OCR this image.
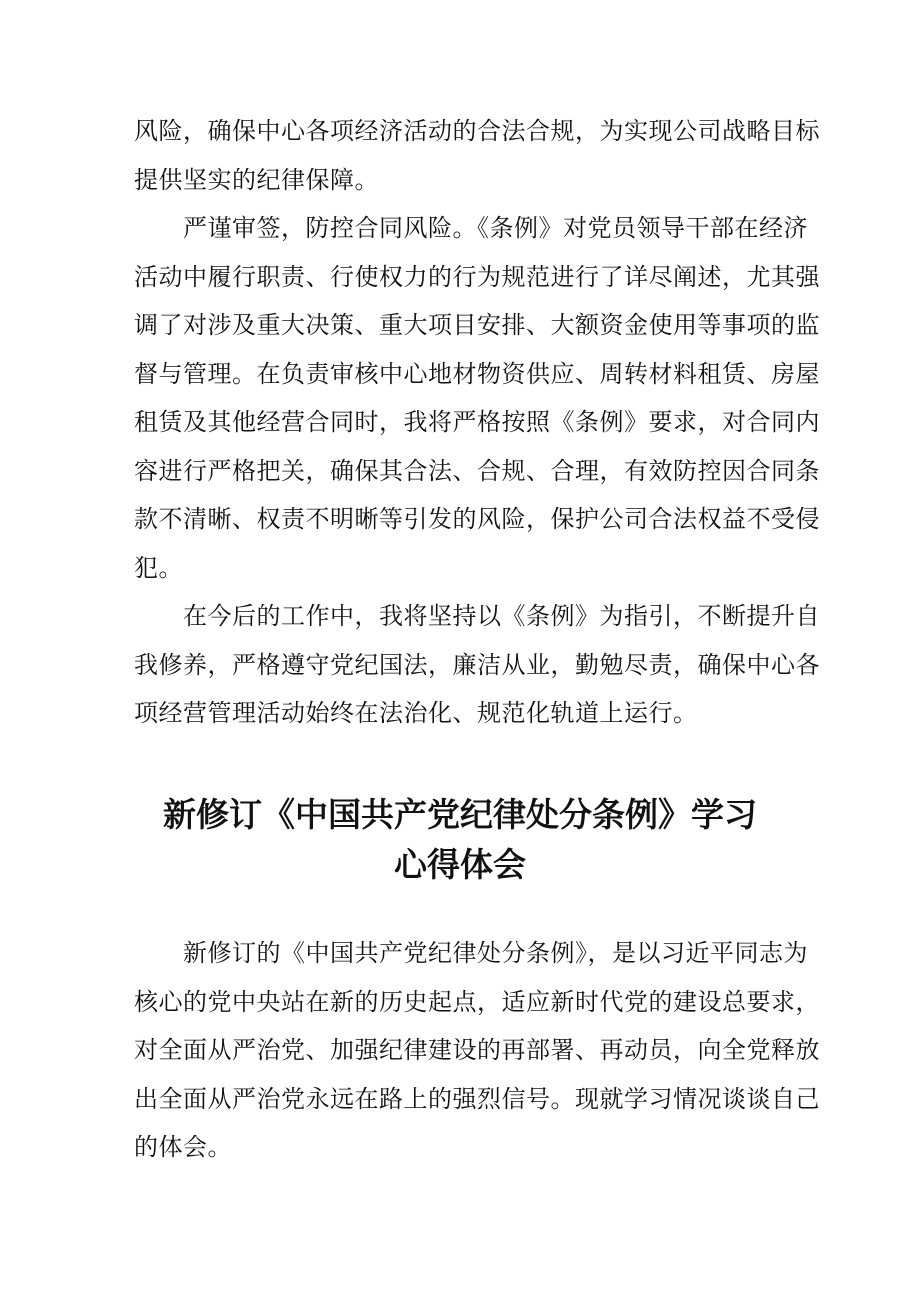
风险，确保中心各项经济活动的合法合规，为实现公司战略目标
提供坚实的纪律保障。

严谨审签，防控合同风险。《条例》对党员领导干部在经济
活动中履行职责、行使权力的行为规范进行了详尽阐述，尤其强
调了对涉及重大决策、重大项目安排、大额资金使用等事项的监
督与管理。在负责审核中心地材物资供应、周转材料租赁、房屋
租赁及其他经营合同时，我将严格按照《条例》要求，对合同内
容进行严格把关，确保其合法、合规、合理，有效防控因合同条
款不清晰、权责不明晰等引发的风险，保护公司合法权益不受侵
犯。

在今后的工作中，我将坚持以《条例》为指引，不断提升自
我修养，严格遵守党纪国法，廉洁从业，勤勉尽责，确保中心各
项经营管理活动始终在法治化、规范化轨道上运行。

新修订《中国共产党纪律处分条例》学习
心得体会

新修订的《中国共产党纪律处分条例》，是以习近平同志为
核心的党中央站在新的历史起点，适应新时代党的建设总要求，
对全面从严治党、加强纪律建设的再部署、再动员，向全党释放
出全面从严治党永远在路上的强烈信号。现就学习情况谈谈自己
的体会。
